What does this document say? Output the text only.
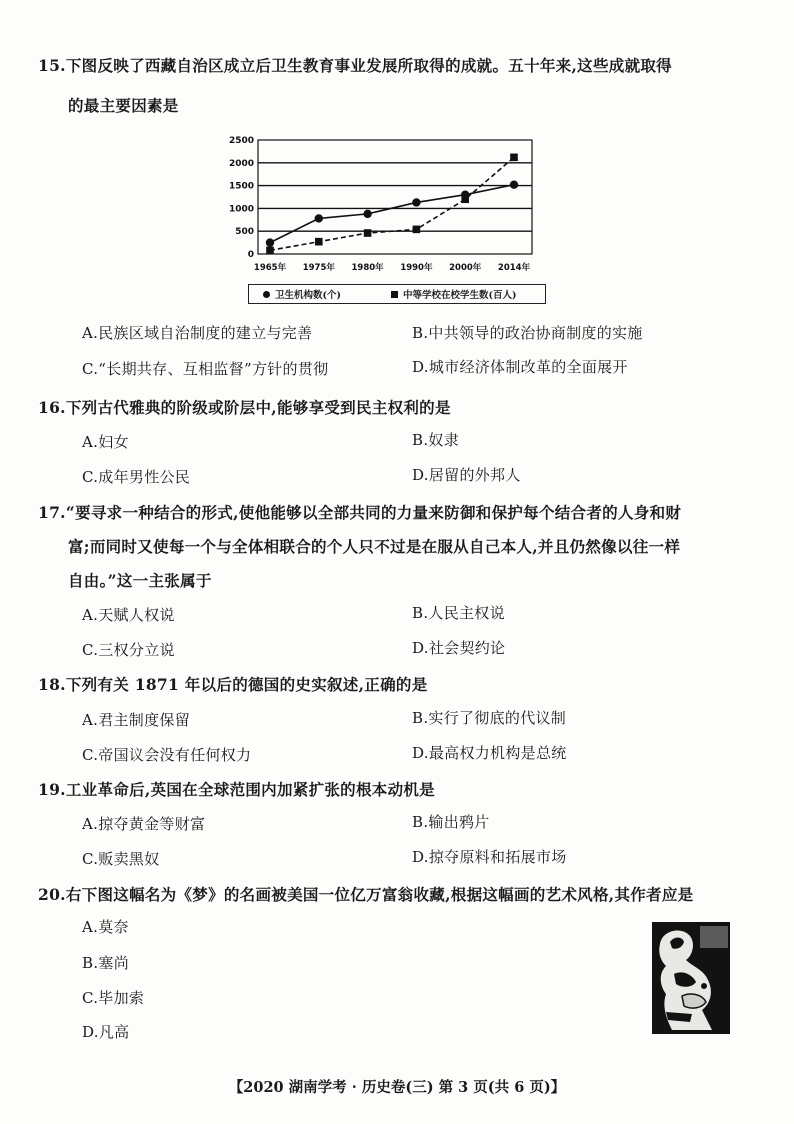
15.下图反映了西藏自治区成立后卫生教育事业发展所取得的成就。五十年来,这些成就取得
的最主要因素是
0
500
1000
1500
2000
2500
1965年 1975年 1980年 1990年 2000年 2014年
卫生机构数(个)	中等学校在校学生数(百人)
A.民族区域自治制度的建立与完善	B.中共领导的政治协商制度的实施
C.“长期共存、互相监督”方针的贯彻	D.城市经济体制改革的全面展开
16.下列古代雅典的阶级或阶层中,能够享受到民主权利的是
A.妇女	B.奴隶
C.成年男性公民	D.居留的外邦人
17.“要寻求一种结合的形式,使他能够以全部共同的力量来防御和保护每个结合者的人身和财
富;而同时又使每一个与全体相联合的个人只不过是在服从自己本人,并且仍然像以往一样
自由。”这一主张属于
A.天赋人权说	B.人民主权说
C.三权分立说	D.社会契约论
18.下列有关 1871 年以后的德国的史实叙述,正确的是
A.君主制度保留	B.实行了彻底的代议制
C.帝国议会没有任何权力	D.最高权力机构是总统
19.工业革命后,英国在全球范围内加紧扩张的根本动机是
A.掠夺黄金等财富	B.输出鸦片
C.贩卖黑奴	D.掠夺原料和拓展市场
20.右下图这幅名为《梦》的名画被美国一位亿万富翁收藏,根据这幅画的艺术风格,其作者应是
A.莫奈
B.塞尚
C.毕加索
D.凡高
【2020 湖南学考 · 历史卷(三) 第 3 页(共 6 页)】
